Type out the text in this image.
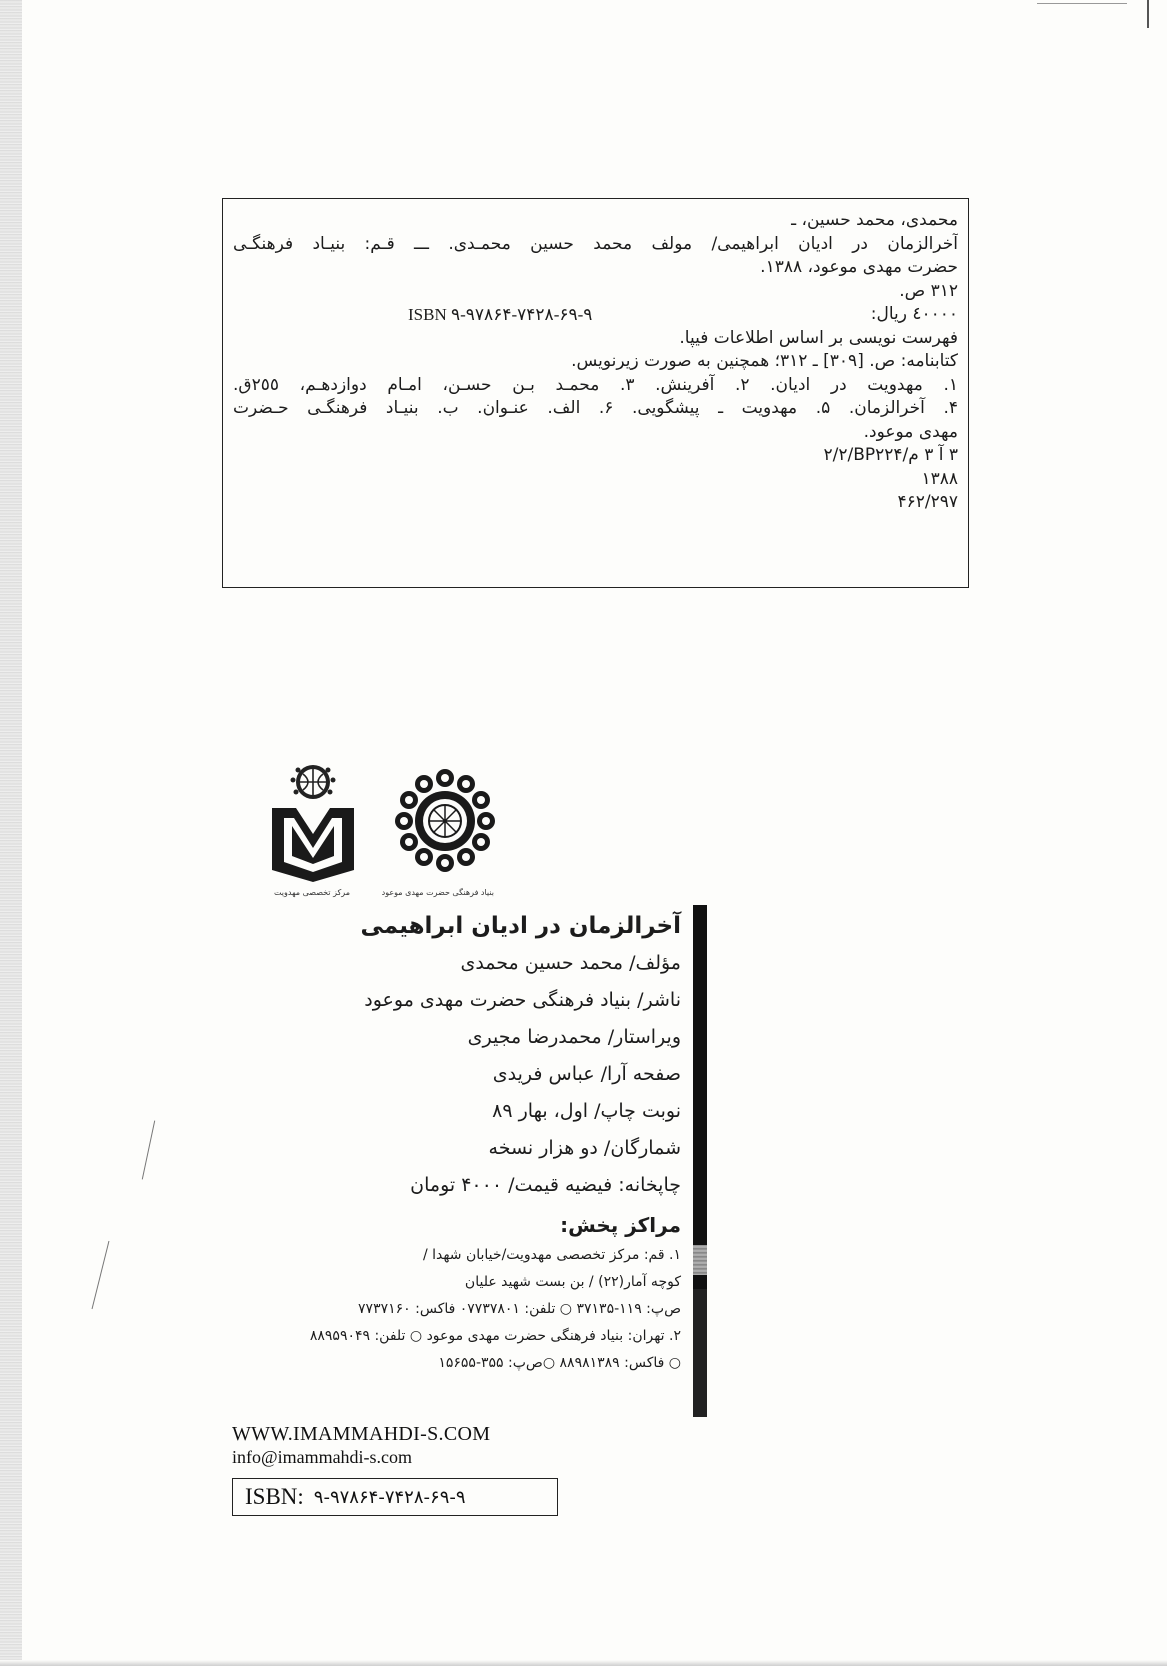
محمدی، محمد حسین، ـ
آخرالزمان در ادیان ابراهیمی/ مولف محمد حسین محمـدی. ـــ قـم: بنیـاد فرهنگـی
حضرت مهدی موعود، ١٣٨٨.
٣١٢ ص.
٤٠٠٠٠ ریال:
ISBN ٩٧٨-٩۶۴-٧۴٢٨-۶٩-٩
فهرست نویسی بر اساس اطلاعات فیپا.
کتابنامه: ص. [٣٠٩] ـ ٣١٢؛ همچنین به صورت زیرنویس.
١. مهدویت در ادیان. ٢. آفرینش. ٣. محمـد بـن حسـن، امـام دوازدهـم، ٢٥٥ق.
۴. آخرالزمان. ۵. مهدویت ـ پیشگویی. ۶. الف. عنـوان. ب. بنیـاد فرهنگـی حـضرت
مهدی موعود.
٣ آ ٣ م/BP٢٢۴/٢/٢
١٣٨٨
٢٩٧/۴۶٢
بنیاد فرهنگی حضرت مهدی موعود
مرکز تخصصی مهدویت
آخرالزمان در ادیان ابراهیمی
مؤلف/ محمد حسین محمدی
ناشر/ بنیاد فرهنگی حضرت مهدی موعود
ویراستار/ محمدرضا مجیری
صفحه آرا/ عباس فریدی
نوبت چاپ/ اول، بهار ٨٩
شمارگان/ دو هزار نسخه
چاپخانه: فیضیه قیمت/ ۴٠٠٠ تومان
مراکز پخش:
١. قم: مرکز تخصصی مهدویت/خیابان شهدا /
کوچه آمار(٢٢) / بن بست شهید علیان
ص‌پ: ١١٩-٣٧١٣۵ ○ تلفن: ٠٧٧٣٧٨٠١ فاکس: ٧٧٣٧١۶٠
٢. تهران: بنیاد فرهنگی حضرت مهدی موعود ○ تلفن: ٨٨٩۵٩٠۴٩
○ فاکس: ٨٨٩٨١٣٨٩ ○ص‌پ: ٣۵۵-١۵۶۵۵
WWW.IMAMMAHDI-S.COM
info@imammahdi-s.com
ISBN: ٩٧٨-٩۶۴-٧۴٢٨-۶٩-٩
